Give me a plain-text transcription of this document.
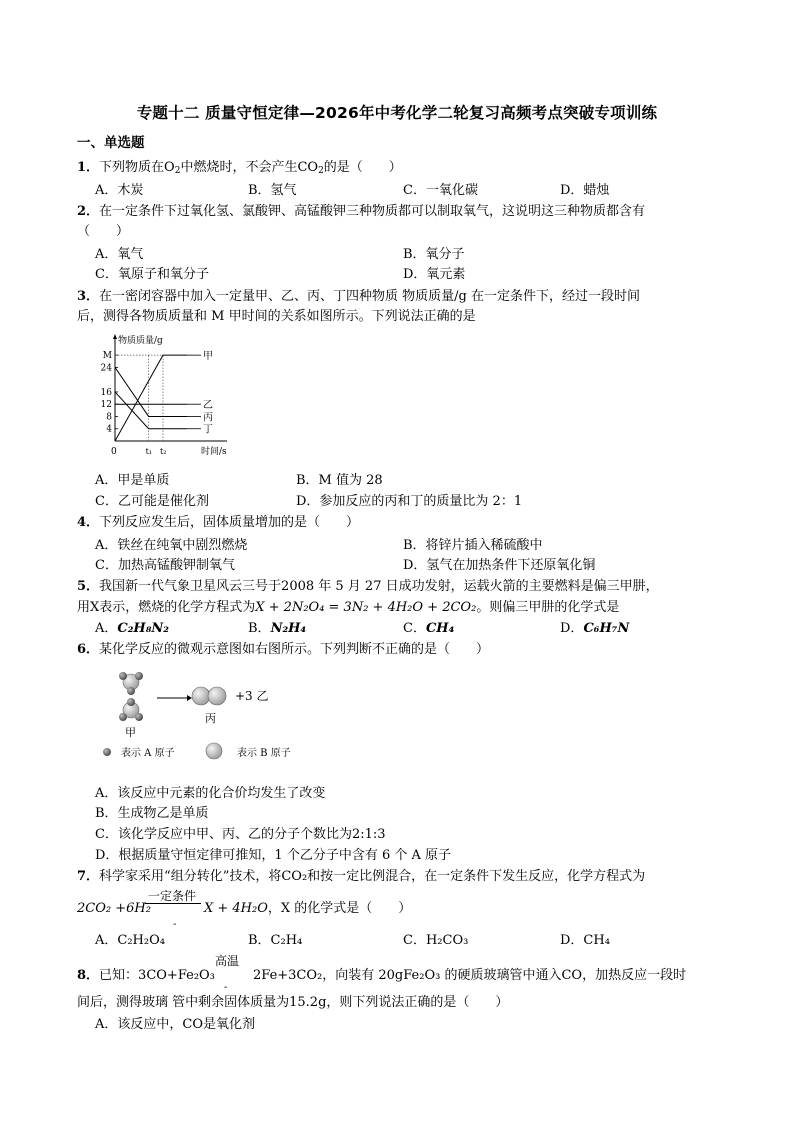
专题十二 质量守恒定律—2026年中考化学二轮复习高频考点突破专项训练
一、单选题
1．下列物质在$O_2$中燃烧时，不会产生$CO_2$的是（　　）
A．木炭	B．氢气	C．一氧化碳	D．蜡烛
2．在一定条件下过氧化氢、氯酸钾、高锰酸钾三种物质都可以制取氧气，这说明这三种物质都含有
（　　）
A．氧气	B．氧分子
C．氧原子和氧分子	D．氧元素
3．在一密闭容器中加入一定量甲、乙、丙、丁四种物质 物质质量/g 在一定条件下，经过一段时间
后，测得各物质质量和 M 甲时间的关系如图所示。下列说法正确的是
物质质量/g
时间/s
0
4
8
12
16
24
M
t₁ t₂
甲
乙
丙
丁
A．甲是单质	B．M 值为 28
C．乙可能是催化剂	D．参加反应的丙和丁的质量比为 2：1
4．下列反应发生后，固体质量增加的是（　　）
A．铁丝在纯氧中剧烈燃烧	B．将锌片插入稀硫酸中
C．加热高锰酸钾制氧气	D．氢气在加热条件下还原氧化铜
5．我国新一代气象卫星风云三号于2008 年 5 月 27 日成功发射，运载火箭的主要燃料是偏三甲肼，
用X表示，燃烧的化学方程式为X + 2N₂O₄ = 3N₂ + 4H₂O + 2CO₂。则偏三甲肼的化学式是
A．C₂H₈N₂	B．N₂H₄	C．CH₄	D．C₆H₇N
6．某化学反应的微观示意图如右图所示。下列判断不正确的是（　　）
甲
丙
+3 乙
表示 A 原子	表示 B 原子
A．该反应中元素的化合价均发生了改变
B．生成物乙是单质
C．该化学反应中甲、丙、乙的分子个数比为2:1:3
D．根据质量守恒定律可推知，1 个乙分子中含有 6 个 A 原子
7．科学家采用“组分转化”技术，将CO₂和按一定比例混合，在一定条件下发生反应，化学方程式为
2CO₂ +6H₂
一定条件
-
X + 4H₂O，X 的化学式是（　　）
A．C₂H₂O₄	B．C₂H₄	C．H₂CO₃	D．CH₄
8．已知：3CO+Fe₂O₃
高温
-
2Fe+3CO₂，向装有 20gFe₂O₃ 的硬质玻璃管中通入CO，加热反应一段时
间后，测得玻璃 管中剩余固体质量为15.2g，则下列说法正确的是（　　）
A．该反应中，CO是氧化剂
